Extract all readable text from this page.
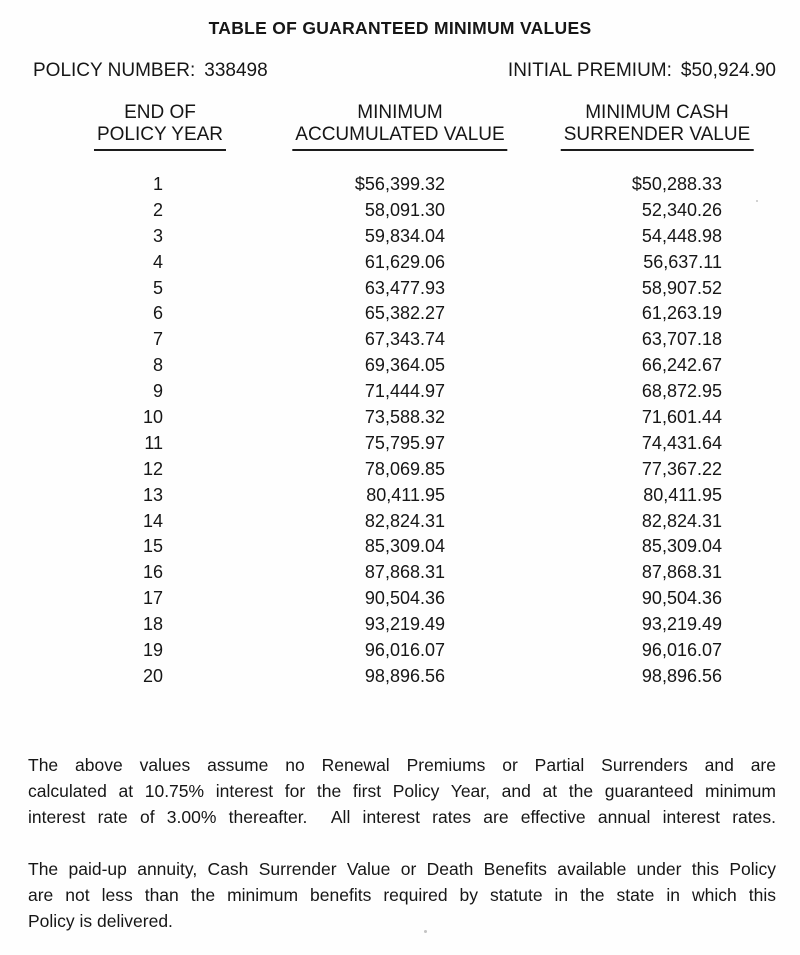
TABLE OF GUARANTEED MINIMUM VALUES
POLICY NUMBER: 338498	INITIAL PREMIUM: $50,924.90
END OF
POLICY YEAR
MINIMUM
ACCUMULATED VALUE
MINIMUM CASH
SURRENDER VALUE
1	$56,399.32	$50,288.33
2	58,091.30	52,340.26
3	59,834.04	54,448.98
4	61,629.06	56,637.11
5	63,477.93	58,907.52
6	65,382.27	61,263.19
7	67,343.74	63,707.18
8	69,364.05	66,242.67
9	71,444.97	68,872.95
10	73,588.32	71,601.44
11	75,795.97	74,431.64
12	78,069.85	77,367.22
13	80,411.95	80,411.95
14	82,824.31	82,824.31
15	85,309.04	85,309.04
16	87,868.31	87,868.31
17	90,504.36	90,504.36
18	93,219.49	93,219.49
19	96,016.07	96,016.07
20	98,896.56	98,896.56
The above values assume no Renewal Premiums or Partial Surrenders and are
calculated at 10.75% interest for the first Policy Year, and at the guaranteed minimum
interest rate of 3.00% thereafter.  All interest rates are effective annual interest rates.
The paid-up annuity, Cash Surrender Value or Death Benefits available under this Policy
are not less than the minimum benefits required by statute in the state in which this
Policy is delivered.
